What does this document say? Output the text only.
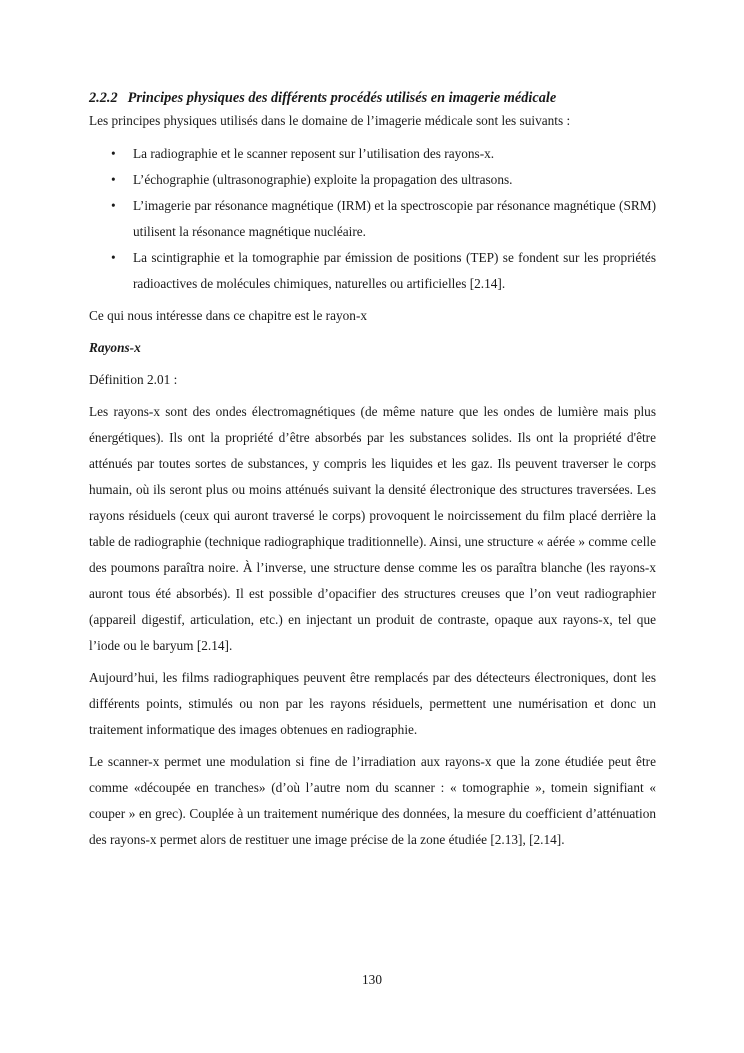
2.2.2 Principes physiques des différents procédés utilisés en imagerie médicale

Les principes physiques utilisés dans le domaine de l’imagerie médicale sont les suivants :

• La radiographie et le scanner reposent sur l’utilisation des rayons-x.
• L’échographie (ultrasonographie) exploite la propagation des ultrasons.
• L’imagerie par résonance magnétique (IRM) et la spectroscopie par résonance magnétique (SRM) utilisent la résonance magnétique nucléaire.
• La scintigraphie et la tomographie par émission de positions (TEP) se fondent sur les propriétés radioactives de molécules chimiques, naturelles ou artificielles [2.14].

Ce qui nous intéresse dans ce chapitre est le rayon-x

Rayons-x

Définition 2.01 :

Les rayons-x sont des ondes électromagnétiques (de même nature que les ondes de lumière mais plus énergétiques). Ils ont la propriété d’être absorbés par les substances solides. Ils ont la propriété d'être atténués par toutes sortes de substances, y compris les liquides et les gaz. Ils peuvent traverser le corps humain, où ils seront plus ou moins atténués suivant la densité électronique des structures traversées. Les rayons résiduels (ceux qui auront traversé le corps) provoquent le noircissement du film placé derrière la table de radiographie (technique radiographique traditionnelle). Ainsi, une structure « aérée » comme celle des poumons paraîtra noire. À l’inverse, une structure dense comme les os paraîtra blanche (les rayons-x auront tous été absorbés). Il est possible d’opacifier des structures creuses que l’on veut radiographier (appareil digestif, articulation, etc.) en injectant un produit de contraste, opaque aux rayons-x, tel que l’iode ou le baryum [2.14].

Aujourd’hui, les films radiographiques peuvent être remplacés par des détecteurs électroniques, dont les différents points, stimulés ou non par les rayons résiduels, permettent une numérisation et donc un traitement informatique des images obtenues en radiographie.

Le scanner-x permet une modulation si fine de l’irradiation aux rayons-x que la zone étudiée peut être comme «découpée en tranches» (d’où l’autre nom du scanner : « tomographie », tomein signifiant « couper » en grec). Couplée à un traitement numérique des données, la mesure du coefficient d’atténuation des rayons-x permet alors de restituer une image précise de la zone étudiée [2.13], [2.14].

130
